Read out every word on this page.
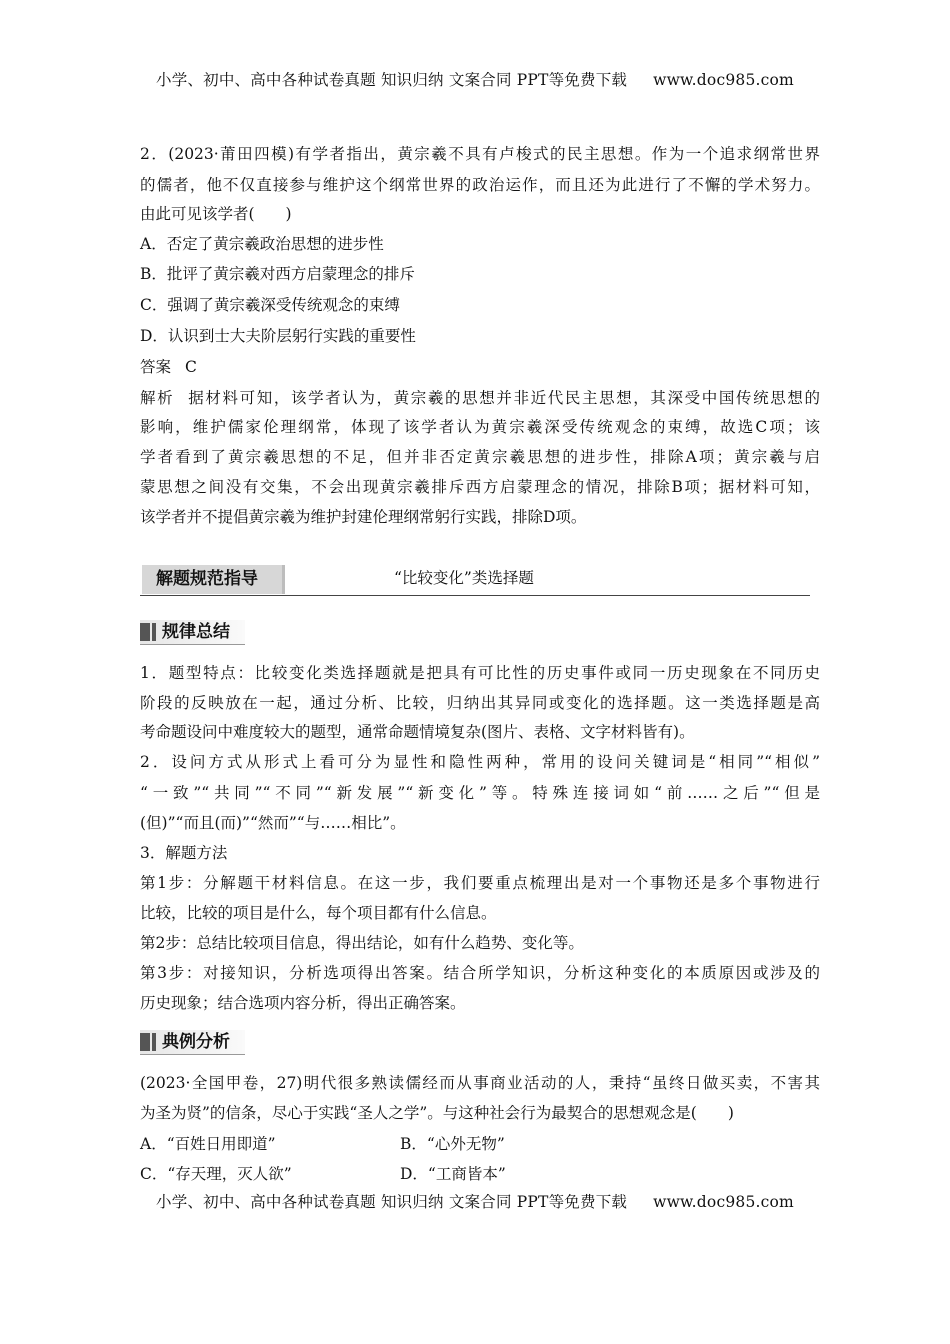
小学、初中、高中各种试卷真题 知识归纳 文案合同 PPT等免费下载 www.doc985.com
2．(2023·莆田四模)有学者指出，黄宗羲不具有卢梭式的民主思想。作为一个追求纲常世界
的儒者，他不仅直接参与维护这个纲常世界的政治运作，而且还为此进行了不懈的学术努力。
由此可见该学者(　　)
A．否定了黄宗羲政治思想的进步性
B．批评了黄宗羲对西方启蒙理念的排斥
C．强调了黄宗羲深受传统观念的束缚
D．认识到士大夫阶层躬行实践的重要性
答案 C
解析 据材料可知，该学者认为，黄宗羲的思想并非近代民主思想，其深受中国传统思想的
影响，维护儒家伦理纲常，体现了该学者认为黄宗羲深受传统观念的束缚，故选C项；该
学者看到了黄宗羲思想的不足，但并非否定黄宗羲思想的进步性，排除A项；黄宗羲与启
蒙思想之间没有交集，不会出现黄宗羲排斥西方启蒙理念的情况，排除B项；据材料可知，
该学者并不提倡黄宗羲为维护封建伦理纲常躬行实践，排除D项。
解题规范指导	“比较变化”类选择题
规律总结
1．题型特点：比较变化类选择题就是把具有可比性的历史事件或同一历史现象在不同历史
阶段的反映放在一起，通过分析、比较，归纳出其异同或变化的选择题。这一类选择题是高
考命题设问中难度较大的题型，通常命题情境复杂(图片、表格、文字材料皆有)。
2．设问方式从形式上看可分为显性和隐性两种，常用的设问关键词是“相同”“相似”
“一致”“共同”“不同”“新发展”“新变化”等。特殊连接词如“前……之后”“但是
(但)”“而且(而)”“然而”“与……相比”。
3．解题方法
第1步：分解题干材料信息。在这一步，我们要重点梳理出是对一个事物还是多个事物进行
比较，比较的项目是什么，每个项目都有什么信息。
第2步：总结比较项目信息，得出结论，如有什么趋势、变化等。
第3步：对接知识，分析选项得出答案。结合所学知识，分析这种变化的本质原因或涉及的
历史现象；结合选项内容分析，得出正确答案。
典例分析
(2023·全国甲卷，27)明代很多熟读儒经而从事商业活动的人，秉持“虽终日做买卖，不害其
为圣为贤”的信条，尽心于实践“圣人之学”。与这种社会行为最契合的思想观念是(　　)
A．“百姓日用即道”	B．“心外无物”
C．“存天理，灭人欲”	D．“工商皆本”
小学、初中、高中各种试卷真题 知识归纳 文案合同 PPT等免费下载 www.doc985.com
